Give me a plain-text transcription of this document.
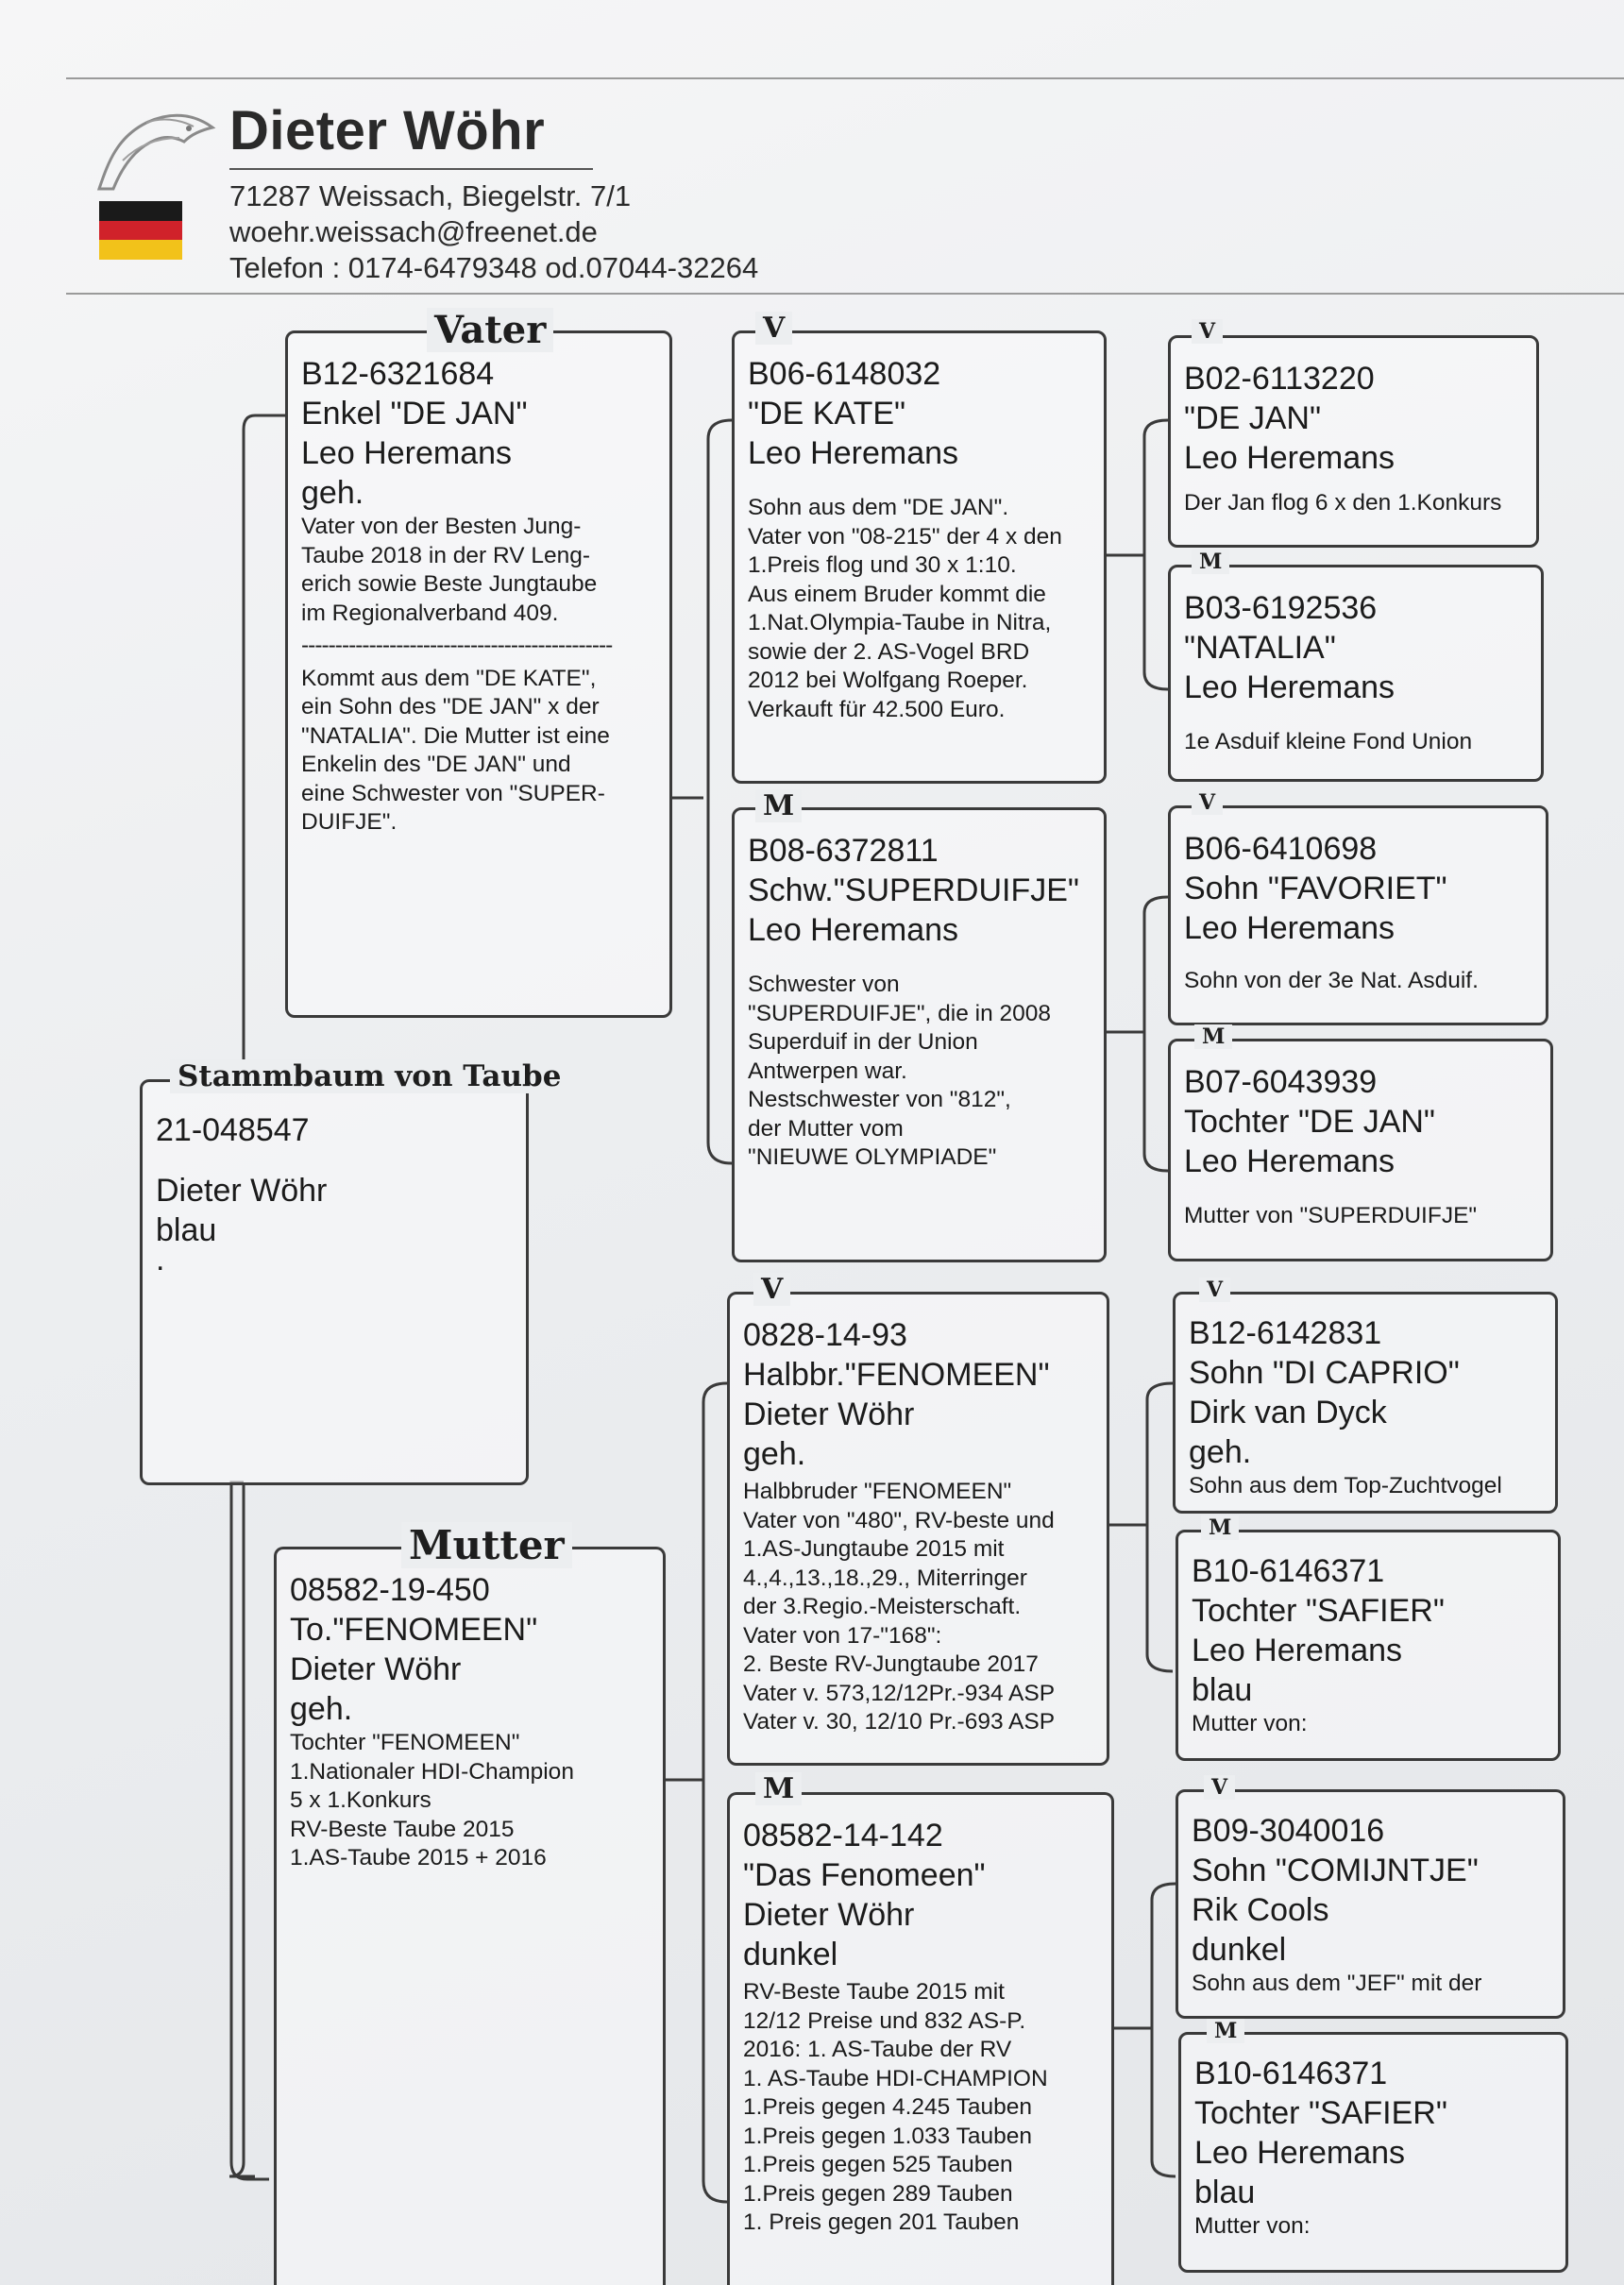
Dieter Wöhr
71287 Weissach, Biegelstr. 7/1
woehr.weissach@freenet.de
Telefon : 0174-6479348 od.07044-32264
21-048547
Dieter Wöhr
blau
.
Stammbaum von Taube
B12-6321684
Enkel "DE JAN"
Leo Heremans
geh.
Vater von der Besten Jung-
Taube 2018 in der RV Leng-
erich sowie Beste Jungtaube
im Regionalverband 409.
----------------------------------------------
Kommt aus dem "DE KATE",
ein Sohn des "DE JAN" x der
"NATALIA". Die Mutter ist eine
Enkelin des "DE JAN" und
eine Schwester von "SUPER-
DUIFJE".
Vater
08582-19-450
To."FENOMEEN"
Dieter Wöhr
geh.
Tochter "FENOMEEN"
1.Nationaler HDI-Champion
5 x 1.Konkurs
RV-Beste Taube 2015
1.AS-Taube 2015 + 2016
Mutter
B06-6148032
"DE KATE"
Leo Heremans
Sohn aus dem "DE JAN".
Vater von "08-215" der 4 x den
1.Preis flog und 30 x 1:10.
Aus einem Bruder kommt die
1.Nat.Olympia-Taube in Nitra,
sowie der 2. AS-Vogel BRD
2012 bei Wolfgang Roeper.
Verkauft für 42.500 Euro.
V
B08-6372811
Schw."SUPERDUIFJE"
Leo Heremans
Schwester von
"SUPERDUIFJE", die in 2008
Superduif in der Union
Antwerpen war.
Nestschwester von "812",
der Mutter vom
"NIEUWE OLYMPIADE"
M
0828-14-93
Halbbr."FENOMEEN"
Dieter Wöhr
geh.
Halbbruder "FENOMEEN"
Vater von "480", RV-beste und
1.AS-Jungtaube 2015 mit
4.,4.,13.,18.,29., Miterringer
der 3.Regio.-Meisterschaft.
Vater von 17-"168":
2. Beste RV-Jungtaube 2017
Vater v. 573,12/12Pr.-934 ASP
Vater v. 30, 12/10 Pr.-693 ASP
V
08582-14-142
"Das Fenomeen"
Dieter Wöhr
dunkel
RV-Beste Taube 2015 mit
12/12 Preise und 832 AS-P.
2016: 1. AS-Taube der RV
1. AS-Taube HDI-CHAMPION
1.Preis gegen 4.245 Tauben
1.Preis gegen 1.033 Tauben
1.Preis gegen 525 Tauben
1.Preis gegen 289 Tauben
1. Preis gegen 201 Tauben
M
B02-6113220
"DE JAN"
Leo Heremans
Der Jan flog 6 x den 1.Konkurs
V
B03-6192536
"NATALIA"
Leo Heremans
1e Asduif kleine Fond Union
M
B06-6410698
Sohn "FAVORIET"
Leo Heremans
Sohn von der 3e Nat. Asduif.
V
B07-6043939
Tochter "DE JAN"
Leo Heremans
Mutter von "SUPERDUIFJE"
M
B12-6142831
Sohn "DI CAPRIO"
Dirk van Dyck
geh.
Sohn aus dem Top-Zuchtvogel
V
B10-6146371
Tochter "SAFIER"
Leo Heremans
blau
Mutter von:
M
B09-3040016
Sohn "COMIJNTJE"
Rik Cools
dunkel
Sohn aus dem "JEF" mit der
V
B10-6146371
Tochter "SAFIER"
Leo Heremans
blau
Mutter von:
M
